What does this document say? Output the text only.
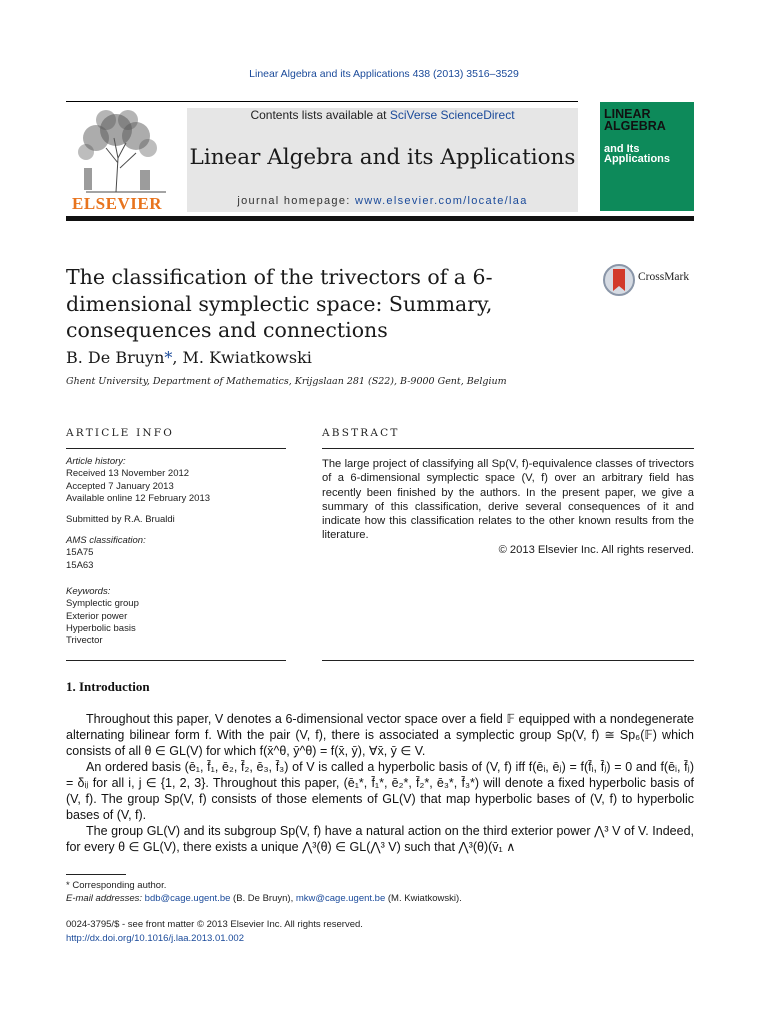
Linear Algebra and its Applications 438 (2013) 3516–3529
ELSEVIER
Contents lists available at SciVerse ScienceDirect
Linear Algebra and its Applications
journal homepage: www.elsevier.com/locate/laa
LINEAR ALGEBRA
and Its Applications
The classification of the trivectors of a 6-dimensional symplectic space: Summary, consequences and connections
CrossMark
B. De Bruyn*, M. Kwiatkowski
Ghent University, Department of Mathematics, Krijgslaan 281 (S22), B-9000 Gent, Belgium
ARTICLE INFO
Article history:
Received 13 November 2012
Accepted 7 January 2013
Available online 12 February 2013
Submitted by R.A. Brualdi
AMS classification:
15A75
15A63
Keywords:
Symplectic group
Exterior power
Hyperbolic basis
Trivector
ABSTRACT
The large project of classifying all Sp(V, f)-equivalence classes of trivectors of a 6-dimensional symplectic space (V, f) over an arbitrary field has recently been finished by the authors. In the present paper, we give a summary of this classification, derive several consequences of it and indicate how this classification relates to the other known results from the literature.
© 2013 Elsevier Inc. All rights reserved.
1. Introduction

Throughout this paper, V denotes a 6-dimensional vector space over a field 𝔽 equipped with a nondegenerate alternating bilinear form f. With the pair (V, f), there is associated a symplectic group Sp(V, f) ≅ Sp₆(𝔽) which consists of all θ ∈ GL(V) for which f(x̄^θ, ȳ^θ) = f(x̄, ȳ), ∀x̄, ȳ ∈ V.

An ordered basis (ē₁, f̄₁, ē₂, f̄₂, ē₃, f̄₃) of V is called a hyperbolic basis of (V, f) iff f(ēᵢ, ēⱼ) = f(f̄ᵢ, f̄ⱼ) = 0 and f(ēᵢ, f̄ⱼ) = δᵢⱼ for all i, j ∈ {1, 2, 3}. Throughout this paper, (ē₁*, f̄₁*, ē₂*, f̄₂*, ē₃*, f̄₃*) will denote a fixed hyperbolic basis of (V, f). The group Sp(V, f) consists of those elements of GL(V) that map hyperbolic bases of (V, f) to hyperbolic bases of (V, f).

The group GL(V) and its subgroup Sp(V, f) have a natural action on the third exterior power ⋀³ V of V. Indeed, for every θ ∈ GL(V), there exists a unique ⋀³(θ) ∈ GL(⋀³ V) such that ⋀³(θ)(v̄₁ ∧

* Corresponding author.
E-mail addresses: bdb@cage.ugent.be (B. De Bruyn), mkw@cage.ugent.be (M. Kwiatkowski).
0024-3795/$ - see front matter © 2013 Elsevier Inc. All rights reserved.
http://dx.doi.org/10.1016/j.laa.2013.01.002
